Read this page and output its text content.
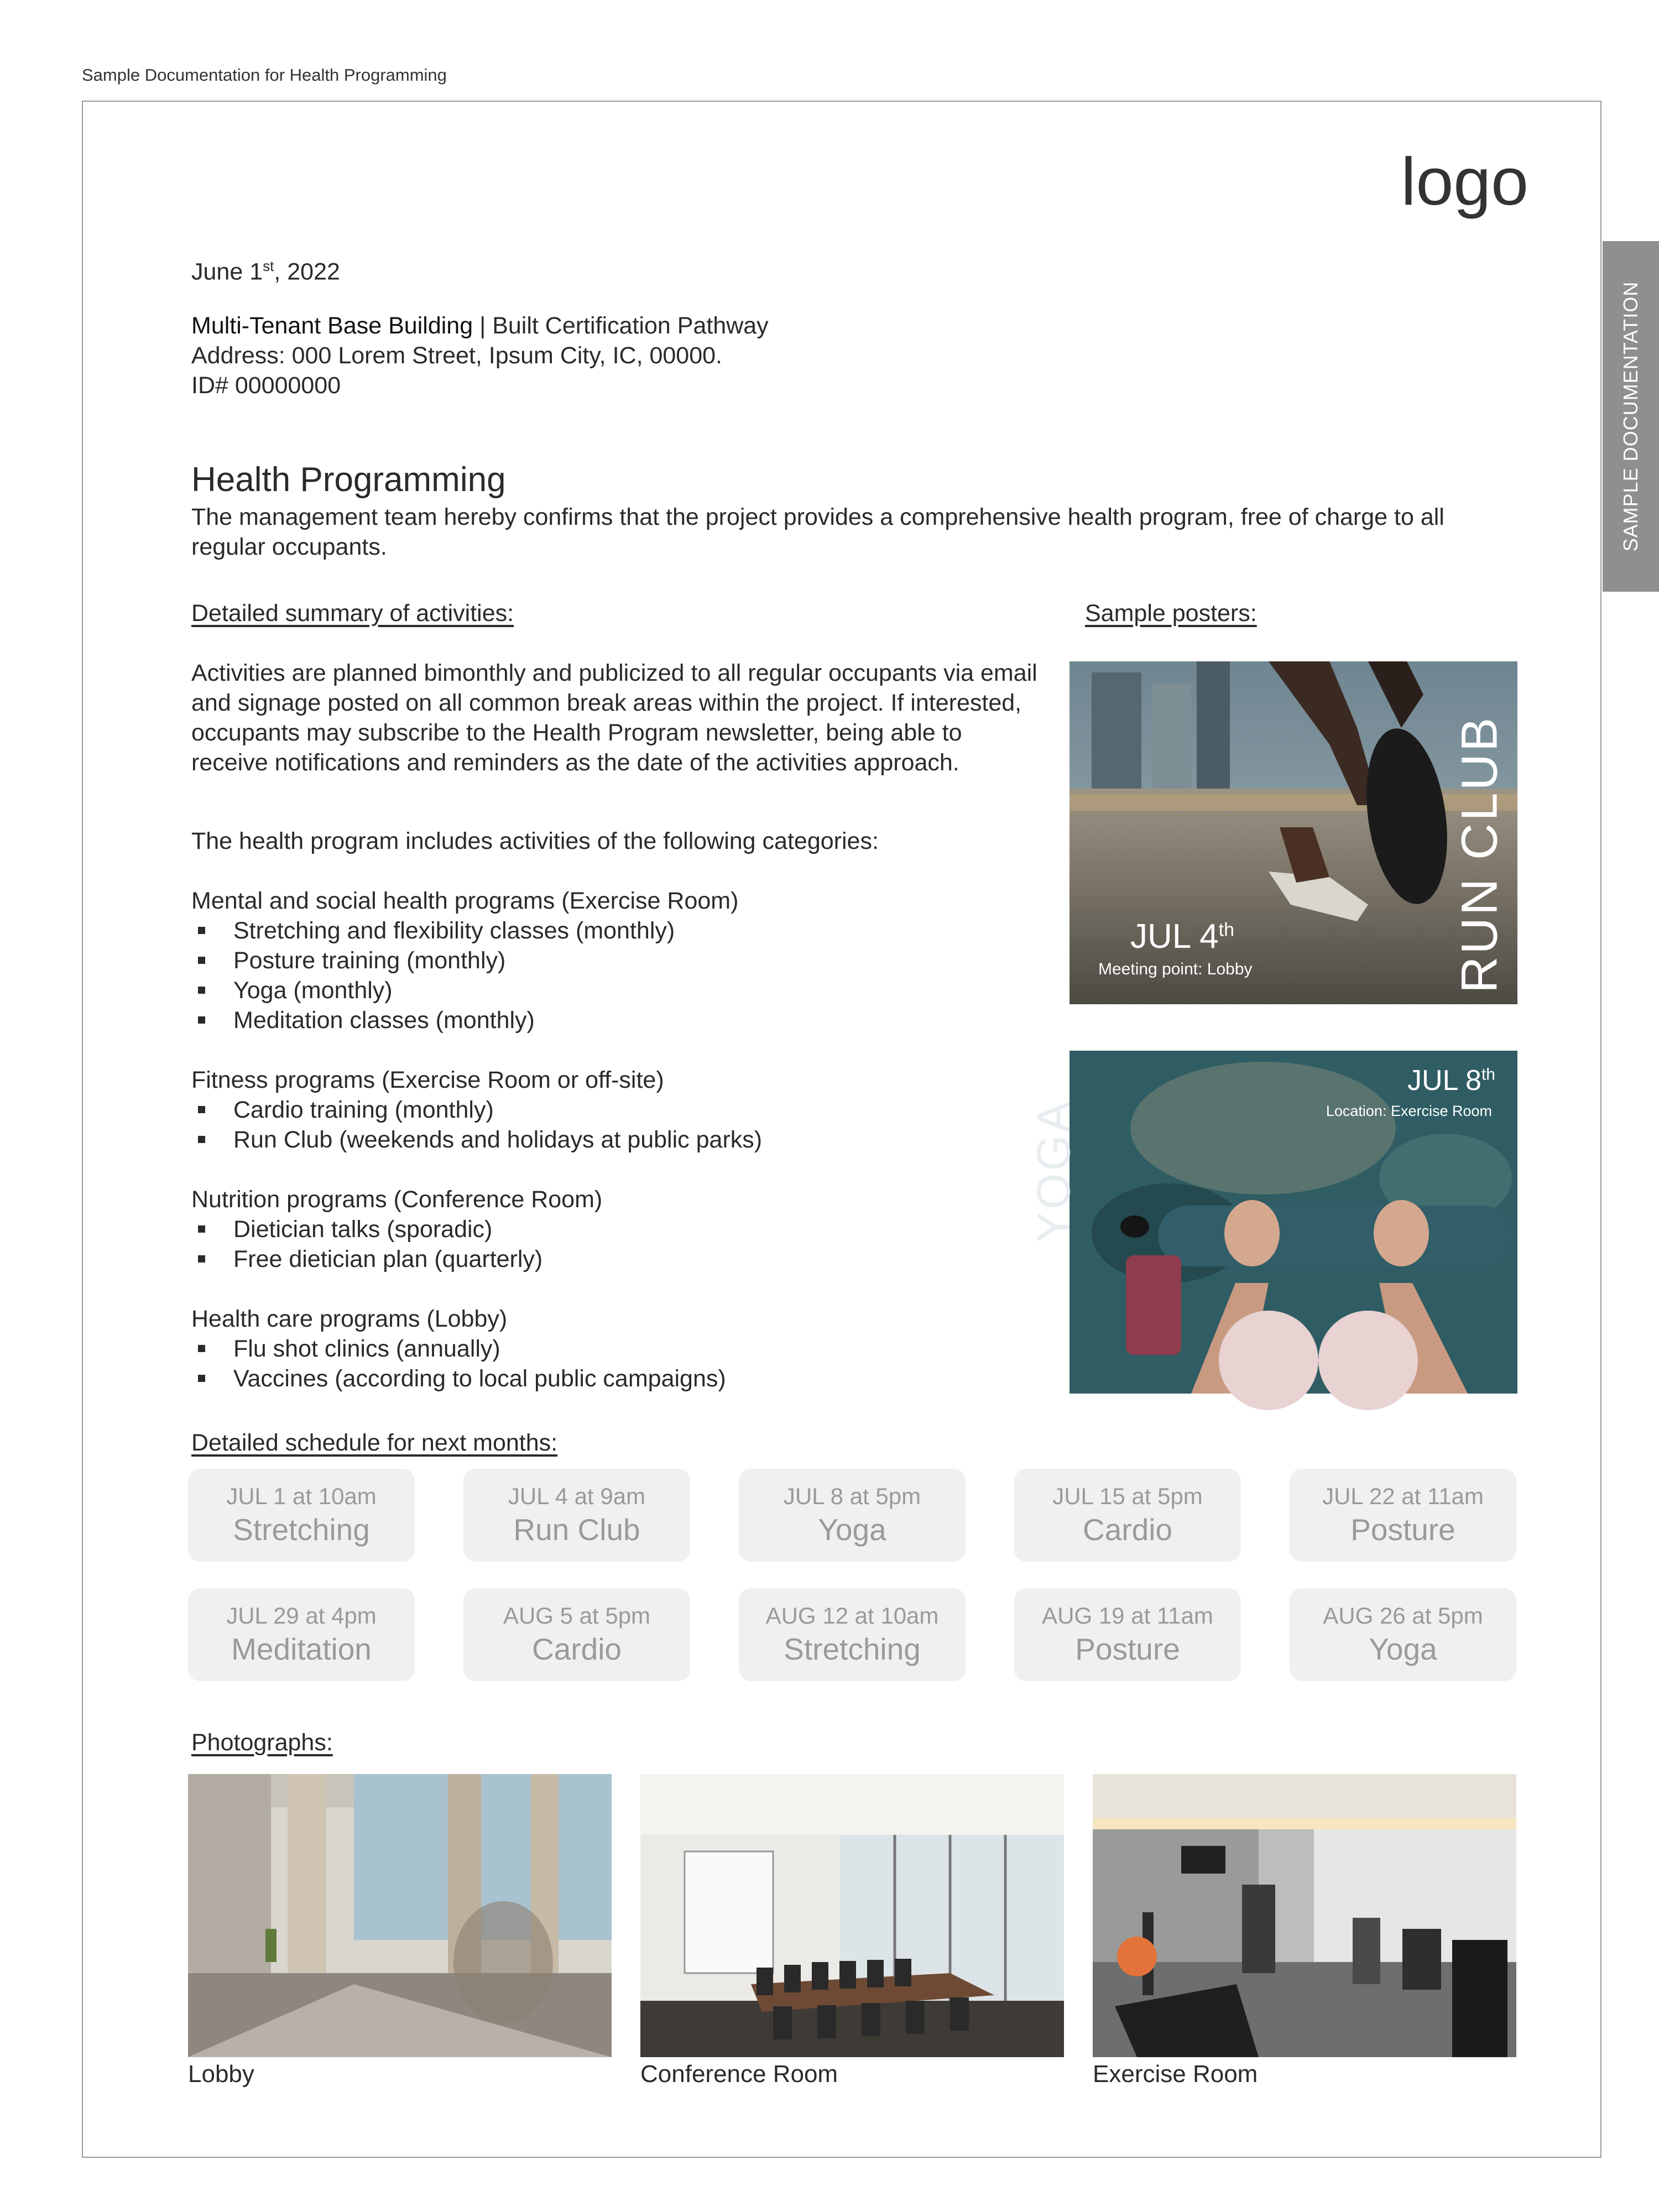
Sample Documentation for Health Programming
SAMPLE DOCUMENTATION
logo
June 1st, 2022
Multi-Tenant Base Building | Built Certification Pathway
Address: 000 Lorem Street, Ipsum City, IC, 00000.
ID# 00000000
Health Programming
The management team hereby confirms that the project provides a comprehensive health program, free of charge to all regular occupants.
Detailed summary of activities:	Sample posters:
Activities are planned bimonthly and publicized to all regular occupants via email and signage posted on all common break areas within the project. If interested, occupants may subscribe to the Health Program newsletter, being able to receive notifications and reminders as the date of the activities approach.
The health program includes activities of the following categories:
Mental and social health programs (Exercise Room)
Stretching and flexibility classes (monthly)
Posture training (monthly)
Yoga (monthly)
Meditation classes (monthly)
Fitness programs (Exercise Room or off-site)
Cardio training (monthly)
Run Club (weekends and holidays at public parks)
Nutrition programs (Conference Room)
Dietician talks (sporadic)
Free dietician plan (quarterly)
Health care programs (Lobby)
Flu shot clinics (annually)
Vaccines (according to local public campaigns)
RUN CLUB
JUL 4th
Meeting point: Lobby
YOGA
JUL 8th
Location: Exercise Room
Detailed schedule for next months:
JUL 1 at 10am
Stretching
JUL 4 at 9am
Run Club
JUL 8 at 5pm
Yoga
JUL 15 at 5pm
Cardio
JUL 22 at 11am
Posture
JUL 29 at 4pm
Meditation
AUG 5 at 5pm
Cardio
AUG 12 at 10am
Stretching
AUG 19 at 11am
Posture
AUG 26 at 5pm
Yoga
Photographs:
Lobby	Conference Room	Exercise Room
